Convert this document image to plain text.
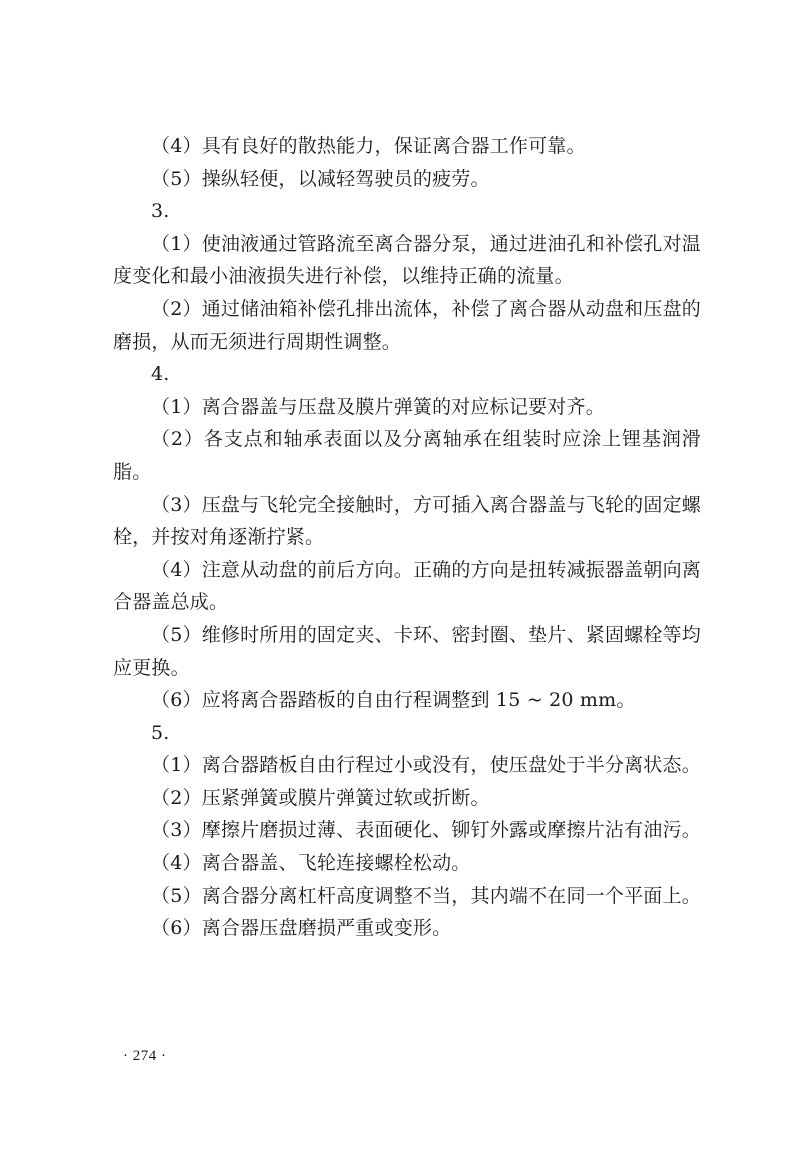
（4）具有良好的散热能力，保证离合器工作可靠。

（5）操纵轻便，以减轻驾驶员的疲劳。

3.

（1）使油液通过管路流至离合器分泵，通过进油孔和补偿孔对温度变化和最小油液损失进行补偿，以维持正确的流量。

（2）通过储油箱补偿孔排出流体，补偿了离合器从动盘和压盘的磨损，从而无须进行周期性调整。

4.

（1）离合器盖与压盘及膜片弹簧的对应标记要对齐。

（2）各支点和轴承表面以及分离轴承在组装时应涂上锂基润滑脂。

（3）压盘与飞轮完全接触时，方可插入离合器盖与飞轮的固定螺栓，并按对角逐渐拧紧。

（4）注意从动盘的前后方向。正确的方向是扭转减振器盖朝向离合器盖总成。

（5）维修时所用的固定夹、卡环、密封圈、垫片、紧固螺栓等均应更换。

（6）应将离合器踏板的自由行程调整到 15 ~ 20 mm。

5.

（1）离合器踏板自由行程过小或没有，使压盘处于半分离状态。

（2）压紧弹簧或膜片弹簧过软或折断。

（3）摩擦片磨损过薄、表面硬化、铆钉外露或摩擦片沾有油污。

（4）离合器盖、飞轮连接螺栓松动。

（5）离合器分离杠杆高度调整不当，其内端不在同一个平面上。

（6）离合器压盘磨损严重或变形。

· 274 ·
